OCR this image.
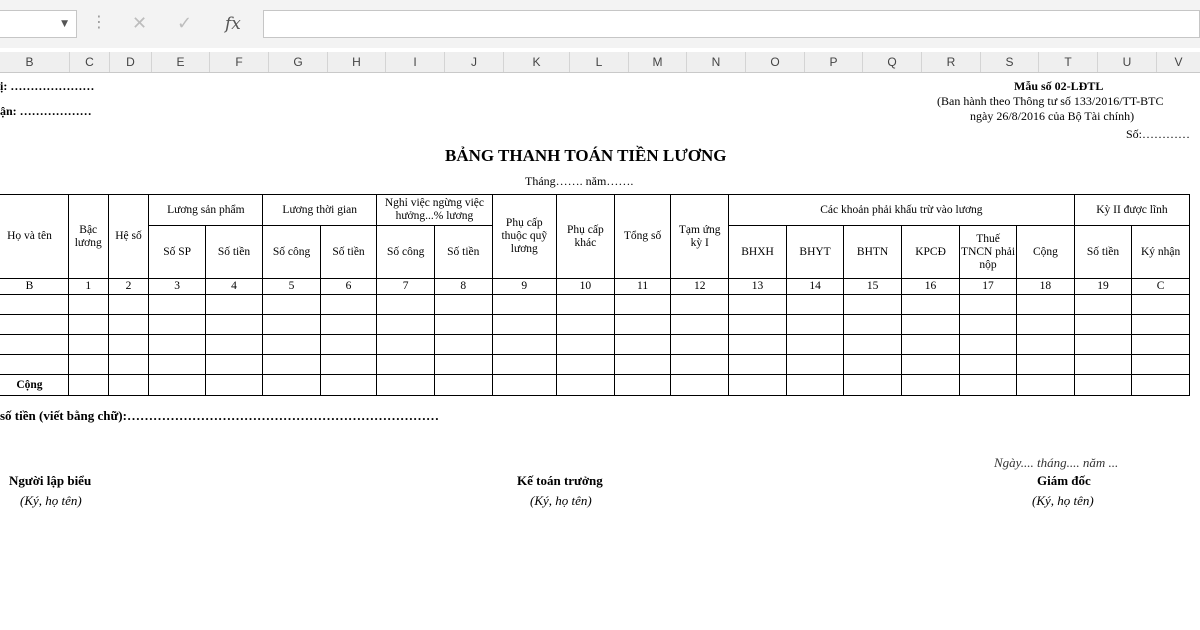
▼ ⋮ ✕ ✓ fx
B	C	D	E	F	G	H	I	J	K	L	M	N	O	P	Q	R	S	T	U	V
ị: …………………
ận: ………………
Mẫu số 02-LĐTL
(Ban hành theo Thông tư số 133/2016/TT-BTC
ngày 26/8/2016 của Bộ Tài chính)
Số:…………
BẢNG THANH TOÁN TIỀN LƯƠNG
Tháng……. năm…….
Họ và tên	Bậc lương	Hệ số	Lương sản phẩm		Lương thời gian		Nghỉ việc ngừng việc hưởng...% lương		Phụ cấp thuộc quỹ lương	Phụ cấp khác	Tổng số	Tạm ứng kỳ I	Các khoản phải khấu trừ vào lương						Kỳ II được lĩnh	
			Số SP	Số tiền	Số công	Số tiền	Số công	Số tiền					BHXH	BHYT	BHTN	KPCĐ	Thuế TNCN phải nộp	Cộng	Số tiền	Ký nhận
B	1	2	3	4	5	6	7	8	9	10	11	12	13	14	15	16	17	18	19	C

Cộng																				
số tiền (viết bằng chữ):………………………………………………………………
Ngày.... tháng.... năm ...
Người lập biểu
(Ký, họ tên)
Kế toán trưởng
(Ký, họ tên)
Giám đốc
(Ký, họ tên)
